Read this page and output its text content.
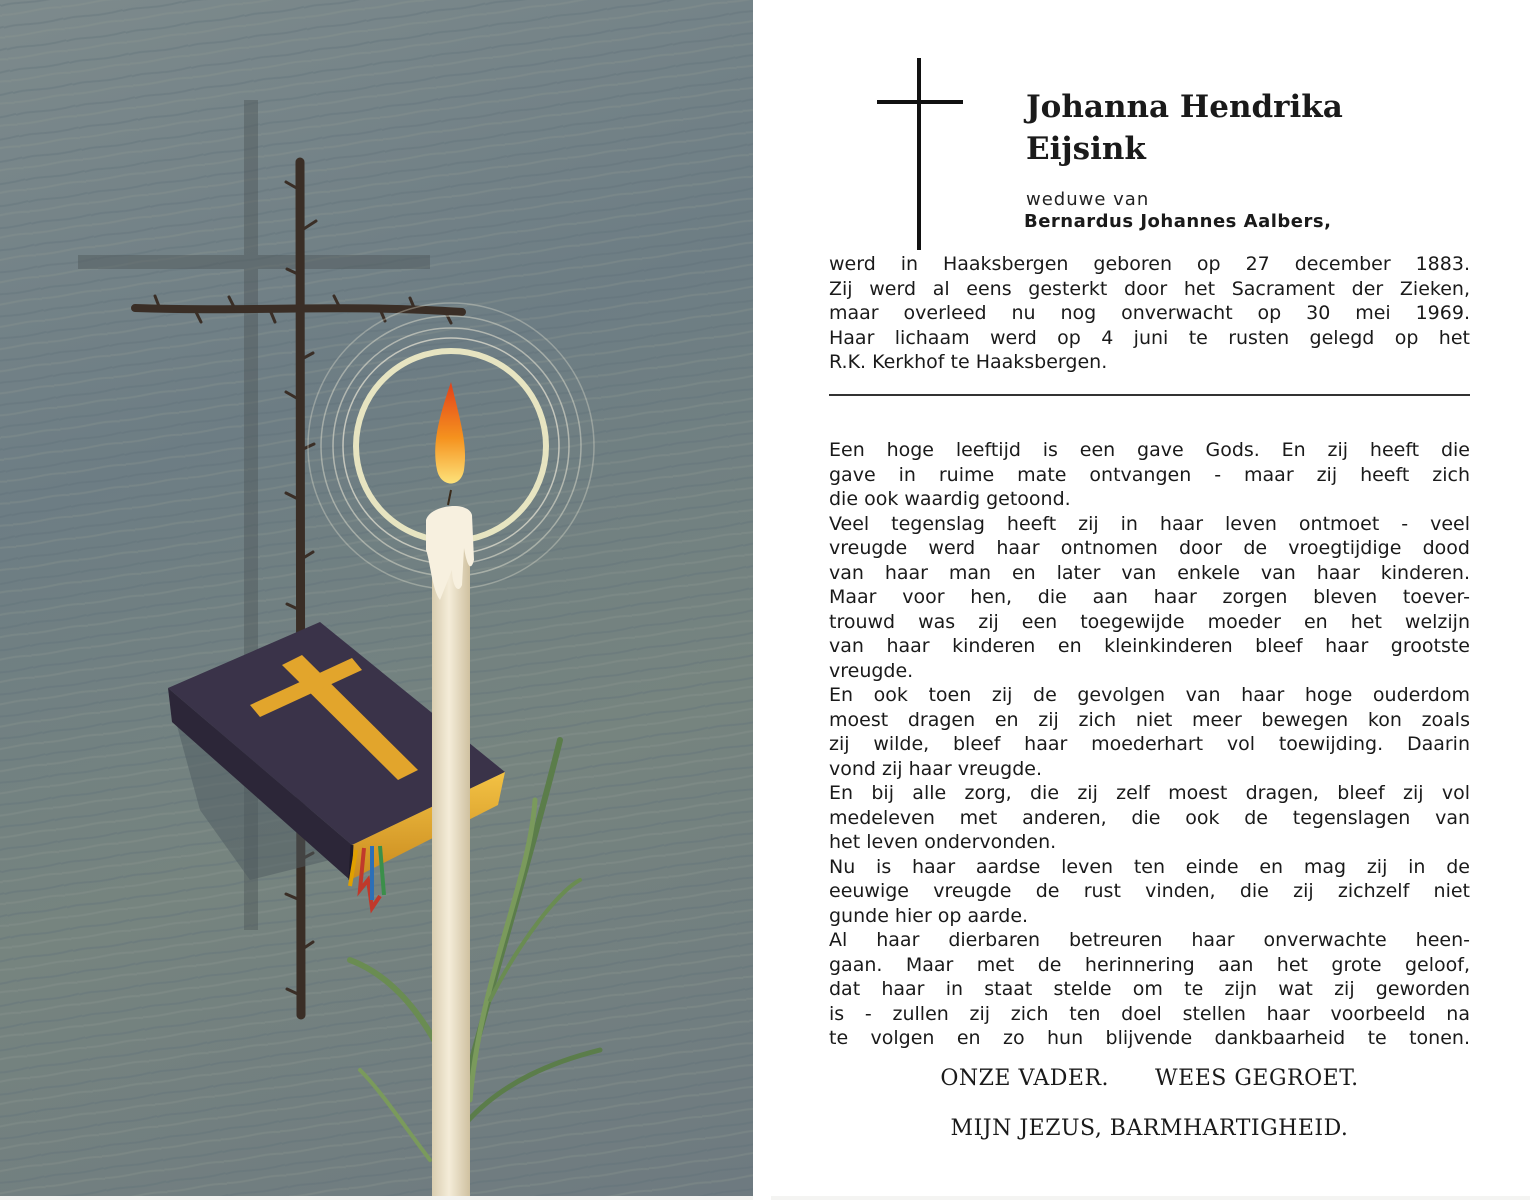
Johanna Hendrika
Eijsink
weduwe van
Bernardus Johannes Aalbers,
werd in Haaksbergen geboren op 27 december 1883.
Zij werd al eens gesterkt door het Sacrament der Zieken,
maar overleed nu nog onverwacht op 30 mei 1969.
Haar lichaam werd op 4 juni te rusten gelegd op het
R.K. Kerkhof te Haaksbergen.
Een hoge leeftijd is een gave Gods. En zij heeft die
gave in ruime mate ontvangen - maar zij heeft zich
die ook waardig getoond.
Veel tegenslag heeft zij in haar leven ontmoet - veel
vreugde werd haar ontnomen door de vroegtijdige dood
van haar man en later van enkele van haar kinderen.
Maar voor hen, die aan haar zorgen bleven toever-
trouwd was zij een toegewijde moeder en het welzijn
van haar kinderen en kleinkinderen bleef haar grootste
vreugde.
En ook toen zij de gevolgen van haar hoge ouderdom
moest dragen en zij zich niet meer bewegen kon zoals
zij wilde, bleef haar moederhart vol toewijding. Daarin
vond zij haar vreugde.
En bij alle zorg, die zij zelf moest dragen, bleef zij vol
medeleven met anderen, die ook de tegenslagen van
het leven ondervonden.
Nu is haar aardse leven ten einde en mag zij in de
eeuwige vreugde de rust vinden, die zij zichzelf niet
gunde hier op aarde.
Al haar dierbaren betreuren haar onverwachte heen-
gaan. Maar met de herinnering aan het grote geloof,
dat haar in staat stelde om te zijn wat zij geworden
is - zullen zij zich ten doel stellen haar voorbeeld na
te volgen en zo hun blijvende dankbaarheid te tonen.
ONZE VADER. WEES GEGROET.
MIJN JEZUS, BARMHARTIGHEID.
